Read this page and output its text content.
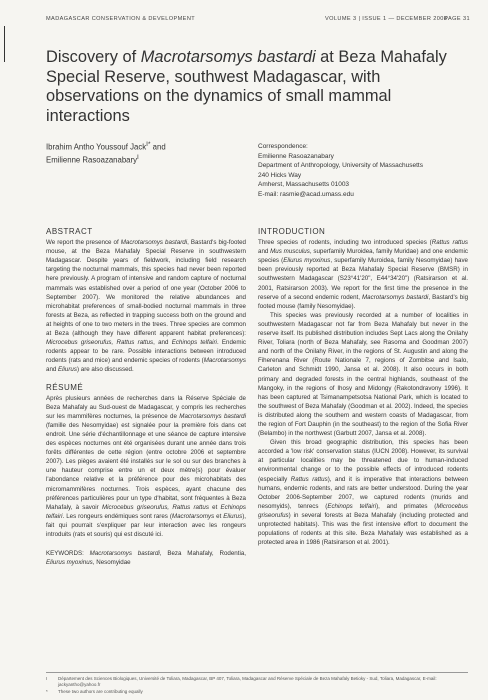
MADAGASCAR CONSERVATION & DEVELOPMENT	VOLUME 3 | ISSUE 1 — DECEMBER 2008
PAGE 31
Discovery of Macrotarsomys bastardi at Beza Mahafaly Special Reserve, southwest Madagascar, with observations on the dynamics of small mammal interactions
Ibrahim Antho Youssouf Jack$^{I*}$ and
Emilienne Rasoazanabary$^I$
Correspondence:
Emilienne Rasoazanabary
Department of Anthropology, University of Massachusetts
240 Hicks Way
Amherst, Massachusetts 01003
E-mail: rasmie@acad.umass.edu
ABSTRACT

We report the presence of Macrotarsomys bastardi, Bastard's big-footed mouse, at the Beza Mahafaly Special Reserve in southwestern Madagascar. Despite years of fieldwork, including field research targeting the nocturnal mammals, this species had never been reported here previously. A program of intensive and random capture of nocturnal mammals was established over a period of one year (October 2006 to September 2007). We monitored the relative abundances and microhabitat preferences of small-bodied nocturnal mammals in three forests at Beza, as reflected in trapping success both on the ground and at heights of one to two meters in the trees. Three species are common at Beza (although they have different apparent habitat preferences): Microcebus griseorufus, Rattus rattus, and Echinops telfairi. Endemic rodents appear to be rare. Possible interactions between introduced rodents (rats and mice) and endemic species of rodents (Macrotarsomys and Eliurus) are also discussed.

RÉSUMÉ

Après plusieurs années de recherches dans la Réserve Spéciale de Beza Mahafaly au Sud-ouest de Madagascar, y compris les recherches sur les mammifères nocturnes, la présence de Macrotarsomys bastardi (famille des Nesomyidae) est signalée pour la première fois dans cet endroit. Une série d'échantillonnage et une séance de capture intensive des espèces nocturnes ont été organisées durant une année dans trois forêts différentes de cette région (entre octobre 2006 et septembre 2007). Les pièges avaient été installés sur le sol ou sur des branches à une hauteur comprise entre un et deux mètre(s) pour évaluer l'abondance relative et la préférence pour des microhabitats des micromammifères nocturnes. Trois espèces, ayant chacune des préférences particulières pour un type d'habitat, sont fréquentes à Beza Mahafaly, à savoir Microcebus griseorufus, Rattus rattus et Echinops telfairi. Les rongeurs endémiques sont rares (Macrotarsomys et Eliurus), fait qui pourrait s'expliquer par leur interaction avec les rongeurs introduits (rats et souris) qui est discuté ici.

KEYWORDS: Macrotarsomys bastardi, Beza Mahafaly, Rodentia, Eliurus myoxinus, Nesomyidae

INTRODUCTION

Three species of rodents, including two introduced species (Rattus rattus and Mus musculus, superfamily Muroidea, family Muridae) and one endemic species (Eliurus myoxinus, superfamily Muroidea, family Nesomyidae) have been previously reported at Beza Mahafaly Special Reserve (BMSR) in southwestern Madagascar (S23°41'20", E44°34'20") (Ratsirarson et al. 2001, Ratsirarson 2003). We report for the first time the presence in the reserve of a second endemic rodent, Macrotarsomys bastardi, Bastard's big footed mouse (family Nesomyidae).

This species was previously recorded at a number of localities in southwestern Madagascar not far from Beza Mahafaly but never in the reserve itself. Its published distribution includes Sept Lacs along the Onilahy River, Toliara (north of Beza Mahafaly, see Rasoma and Goodman 2007) and north of the Onilahy River, in the regions of St. Augustin and along the Fiherenana River (Route Nationale 7, regions of Zombitse and Isalo, Carleton and Schmidt 1990, Jansa et al. 2008). It also occurs in both primary and degraded forests in the central highlands, southeast of the Mangoky, in the regions of Ihosy and Midongy (Rakotondravony 1996). It has been captured at Tsimanampetsotsa National Park, which is located to the southwest of Beza Mahafaly (Goodman et al. 2002). Indeed, the species is distributed along the southern and western coasts of Madagascar, from the region of Fort Dauphin (in the southeast) to the region of the Sofia River (Belambo) in the northwest (Garbutt 2007, Jansa et al. 2008).

Given this broad geographic distribution, this species has been accorded a 'low risk' conservation status (IUCN 2008). However, its survival at particular localities may be threatened due to human-induced environmental change or to the possible effects of introduced rodents (especially Rattus rattus), and it is imperative that interactions between humans, endemic rodents, and rats are better understood. During the year October 2006-September 2007, we captured rodents (murids and nesomyids), tenrecs (Echinops telfairi), and primates (Microcebus griseorufus) in several forests at Beza Mahafaly (including protected and unprotected habitats). This was the first intensive effort to document the populations of rodents at this site. Beza Mahafaly was established as a protected area in 1986 (Ratsirarson et al. 2001).

I Département des Sciences Biologiques, Université de Toliara, Madagascar, BP 407, Toliara, Madagascar and Réserve Spéciale de Beza Mahafaly Betioky - Sud, Toliara, Madagascar, E-mail: jackyantho@yahoo.fr
* These two authors are contributing equally
